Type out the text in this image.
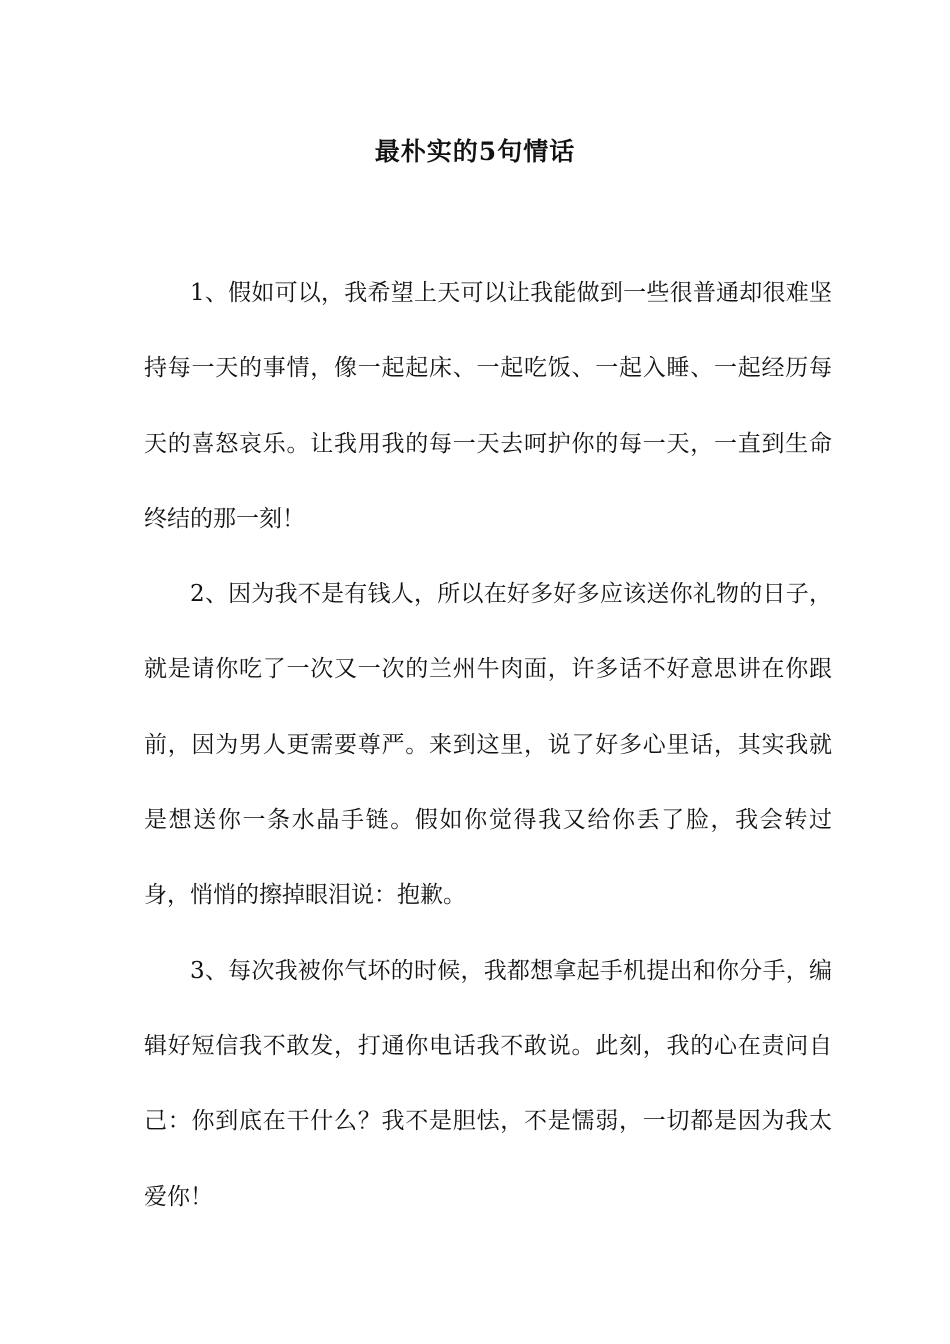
最朴实的5句情话

1、假如可以，我希望上天可以让我能做到一些很普通却很难坚持每一天的事情，像一起起床、一起吃饭、一起入睡、一起经历每天的喜怒哀乐。让我用我的每一天去呵护你的每一天，一直到生命终结的那一刻！

2、因为我不是有钱人，所以在好多好多应该送你礼物的日子，就是请你吃了一次又一次的兰州牛肉面，许多话不好意思讲在你跟前，因为男人更需要尊严。来到这里，说了好多心里话，其实我就是想送你一条水晶手链。假如你觉得我又给你丢了脸，我会转过身，悄悄的擦掉眼泪说：抱歉。

3、每次我被你气坏的时候，我都想拿起手机提出和你分手，编辑好短信我不敢发，打通你电话我不敢说。此刻，我的心在责问自己：你到底在干什么？我不是胆怯，不是懦弱，一切都是因为我太爱你！
